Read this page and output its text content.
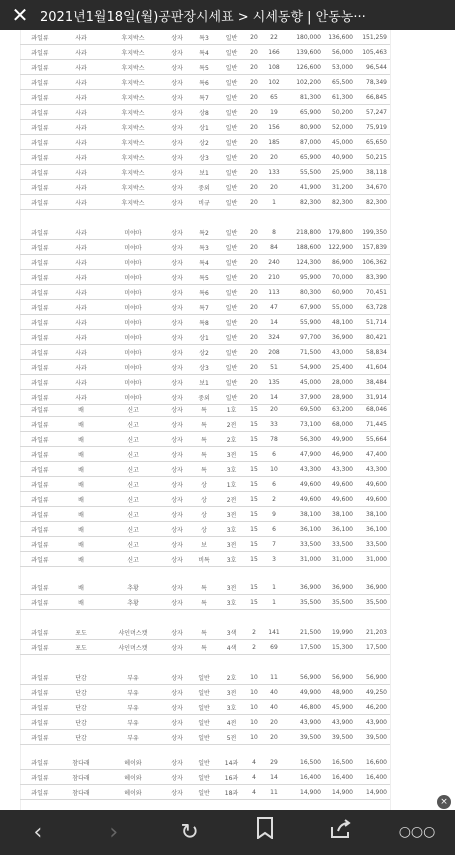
✕ 2021년1월18일(월)공판장시세표 > 시세동향 | 안동농···
과일류	사과	후지박스	상자	특3	일반	20	22	180,000	136,600	151,259
과일류	사과	후지박스	상자	특4	일반	20	166	139,600	56,000	105,463
과일류	사과	후지박스	상자	특5	일반	20	108	126,600	53,000	96,544
과일류	사과	후지박스	상자	특6	일반	20	102	102,200	65,500	78,349
과일류	사과	후지박스	상자	특7	일반	20	65	81,300	61,300	66,845
과일류	사과	후지박스	상자	상8	일반	20	19	65,900	50,200	57,247
과일류	사과	후지박스	상자	상1	일반	20	156	80,900	52,000	75,919
과일류	사과	후지박스	상자	상2	일반	20	185	87,000	45,000	65,650
과일류	사과	후지박스	상자	상3	일반	20	20	65,900	40,900	50,215
과일류	사과	후지박스	상자	보1	일반	20	133	55,500	25,900	38,118
과일류	사과	후지박스	상자	중외	일반	20	20	41,900	31,200	34,670
과일류	사과	후지박스	상자	비규	일반	20	1	82,300	82,300	82,300
과일류	사과	미야마	상자	특2	일반	20	8	218,800	179,800	199,350
과일류	사과	미야마	상자	특3	일반	20	84	188,600	122,900	157,839
과일류	사과	미야마	상자	특4	일반	20	240	124,300	86,900	106,362
과일류	사과	미야마	상자	특5	일반	20	210	95,900	70,000	83,390
과일류	사과	미야마	상자	특6	일반	20	113	80,300	60,900	70,451
과일류	사과	미야마	상자	특7	일반	20	47	67,900	55,000	63,728
과일류	사과	미야마	상자	특8	일반	20	14	55,900	48,100	51,714
과일류	사과	미야마	상자	상1	일반	20	324	97,700	36,900	80,421
과일류	사과	미야마	상자	상2	일반	20	208	71,500	43,000	58,834
과일류	사과	미야마	상자	상3	일반	20	51	54,900	25,400	41,604
과일류	사과	미야마	상자	보1	일반	20	135	45,000	28,000	38,484
과일류	사과	미야마	상자	중외	일반	20	14	37,900	28,900	31,914
과일류	배	신고	상자	특	1호	15	20	69,500	63,200	68,046
과일류	배	신고	상자	특	2전	15	33	73,100	68,000	71,445
과일류	배	신고	상자	특	2호	15	78	56,300	49,900	55,664
과일류	배	신고	상자	특	3전	15	6	47,900	46,900	47,400
과일류	배	신고	상자	특	3호	15	10	43,300	43,300	43,300
과일류	배	신고	상자	상	1호	15	6	49,600	49,600	49,600
과일류	배	신고	상자	상	2전	15	2	49,600	49,600	49,600
과일류	배	신고	상자	상	3전	15	9	38,100	38,100	38,100
과일류	배	신고	상자	상	3호	15	6	36,100	36,100	36,100
과일류	배	신고	상자	보	3전	15	7	33,500	33,500	33,500
과일류	배	신고	상자	비특	3호	15	3	31,000	31,000	31,000
과일류	배	추황	상자	특	3전	15	1	36,900	36,900	36,900
과일류	배	추황	상자	특	3호	15	1	35,500	35,500	35,500
과일류	포도	샤인머스캣	상자	특	3색	2	141	21,500	19,990	21,203
과일류	포도	샤인머스캣	상자	특	4색	2	69	17,500	15,300	17,500
과일류	단감	부유	상자	일반	2호	10	11	56,900	56,900	56,900
과일류	단감	부유	상자	일반	3전	10	40	49,900	48,900	49,250
과일류	단감	부유	상자	일반	3호	10	40	46,800	45,900	46,200
과일류	단감	부유	상자	일반	4전	10	20	43,900	43,900	43,900
과일류	단감	부유	상자	일반	5전	10	20	39,500	39,500	39,500
과일류	참다래	헤이와	상자	일반	14과	4	29	16,500	16,500	16,600
과일류	참다래	헤이와	상자	일반	16과	4	14	16,400	16,400	16,400
과일류	참다래	헤이와	상자	일반	18과	4	11	14,900	14,900	14,900
×
‹	›	↻	○○○
